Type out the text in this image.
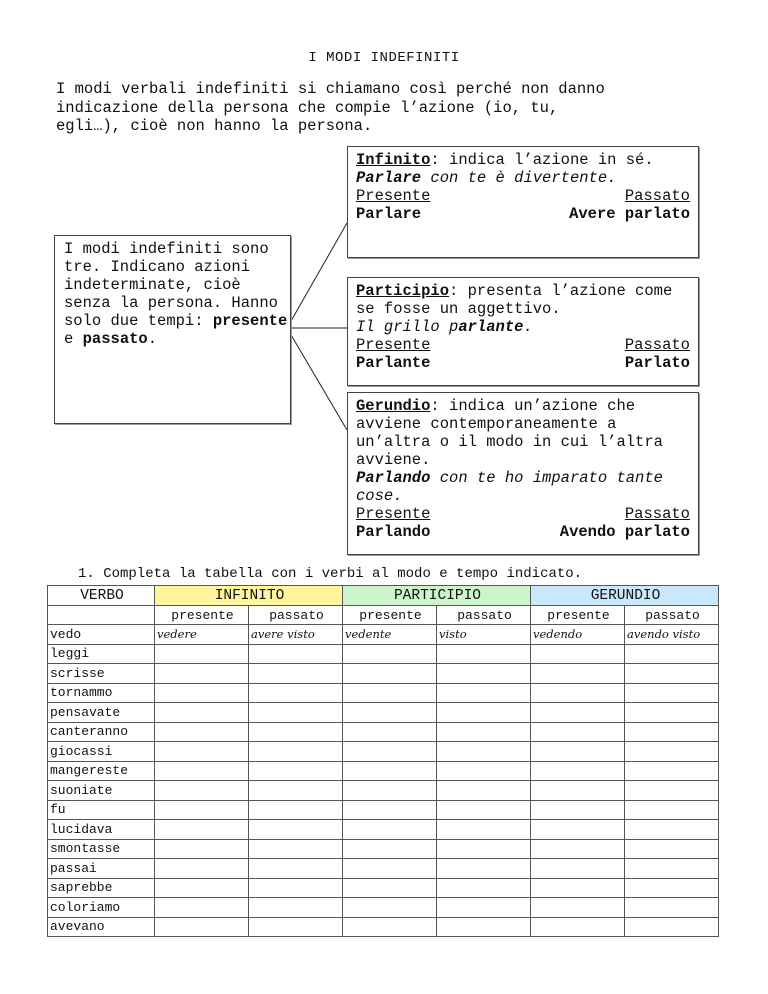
I MODI INDEFINITI
I modi verbali indefiniti si chiamano così perché non danno
indicazione della persona che compie l’azione (io, tu,
egli…), cioè non hanno la persona.
I modi indefiniti sono tre. Indicano azioni indeterminate, cioè senza la persona. Hanno solo due tempi: presente e passato.
Infinito: indica l’azione in sé.
Parlare con te è divertente.
Presente	Passato
Parlare	Avere parlato
Participio: presenta l’azione come se fosse un aggettivo.
Il grillo parlante.
Presente	Passato
Parlante	Parlato
Gerundio: indica un’azione che avviene contemporaneamente a un’altra o il modo in cui l’altra avviene.
Parlando con te ho imparato tante cose.
Presente	Passato
Parlando	Avendo parlato
1. Completa la tabella con i verbi al modo e tempo indicato.
VERBO	INFINITO		PARTICIPIO		GERUNDIO	
	presente	passato	presente	passato	presente	passato
vedo	vedere	avere visto	vedente	visto	vedendo	avendo visto
leggi						
scrisse						
tornammo						
pensavate						
canteranno						
giocassi						
mangereste						
suoniate						
fu						
lucidava						
smontasse						
passai						
saprebbe						
coloriamo						
avevano						
